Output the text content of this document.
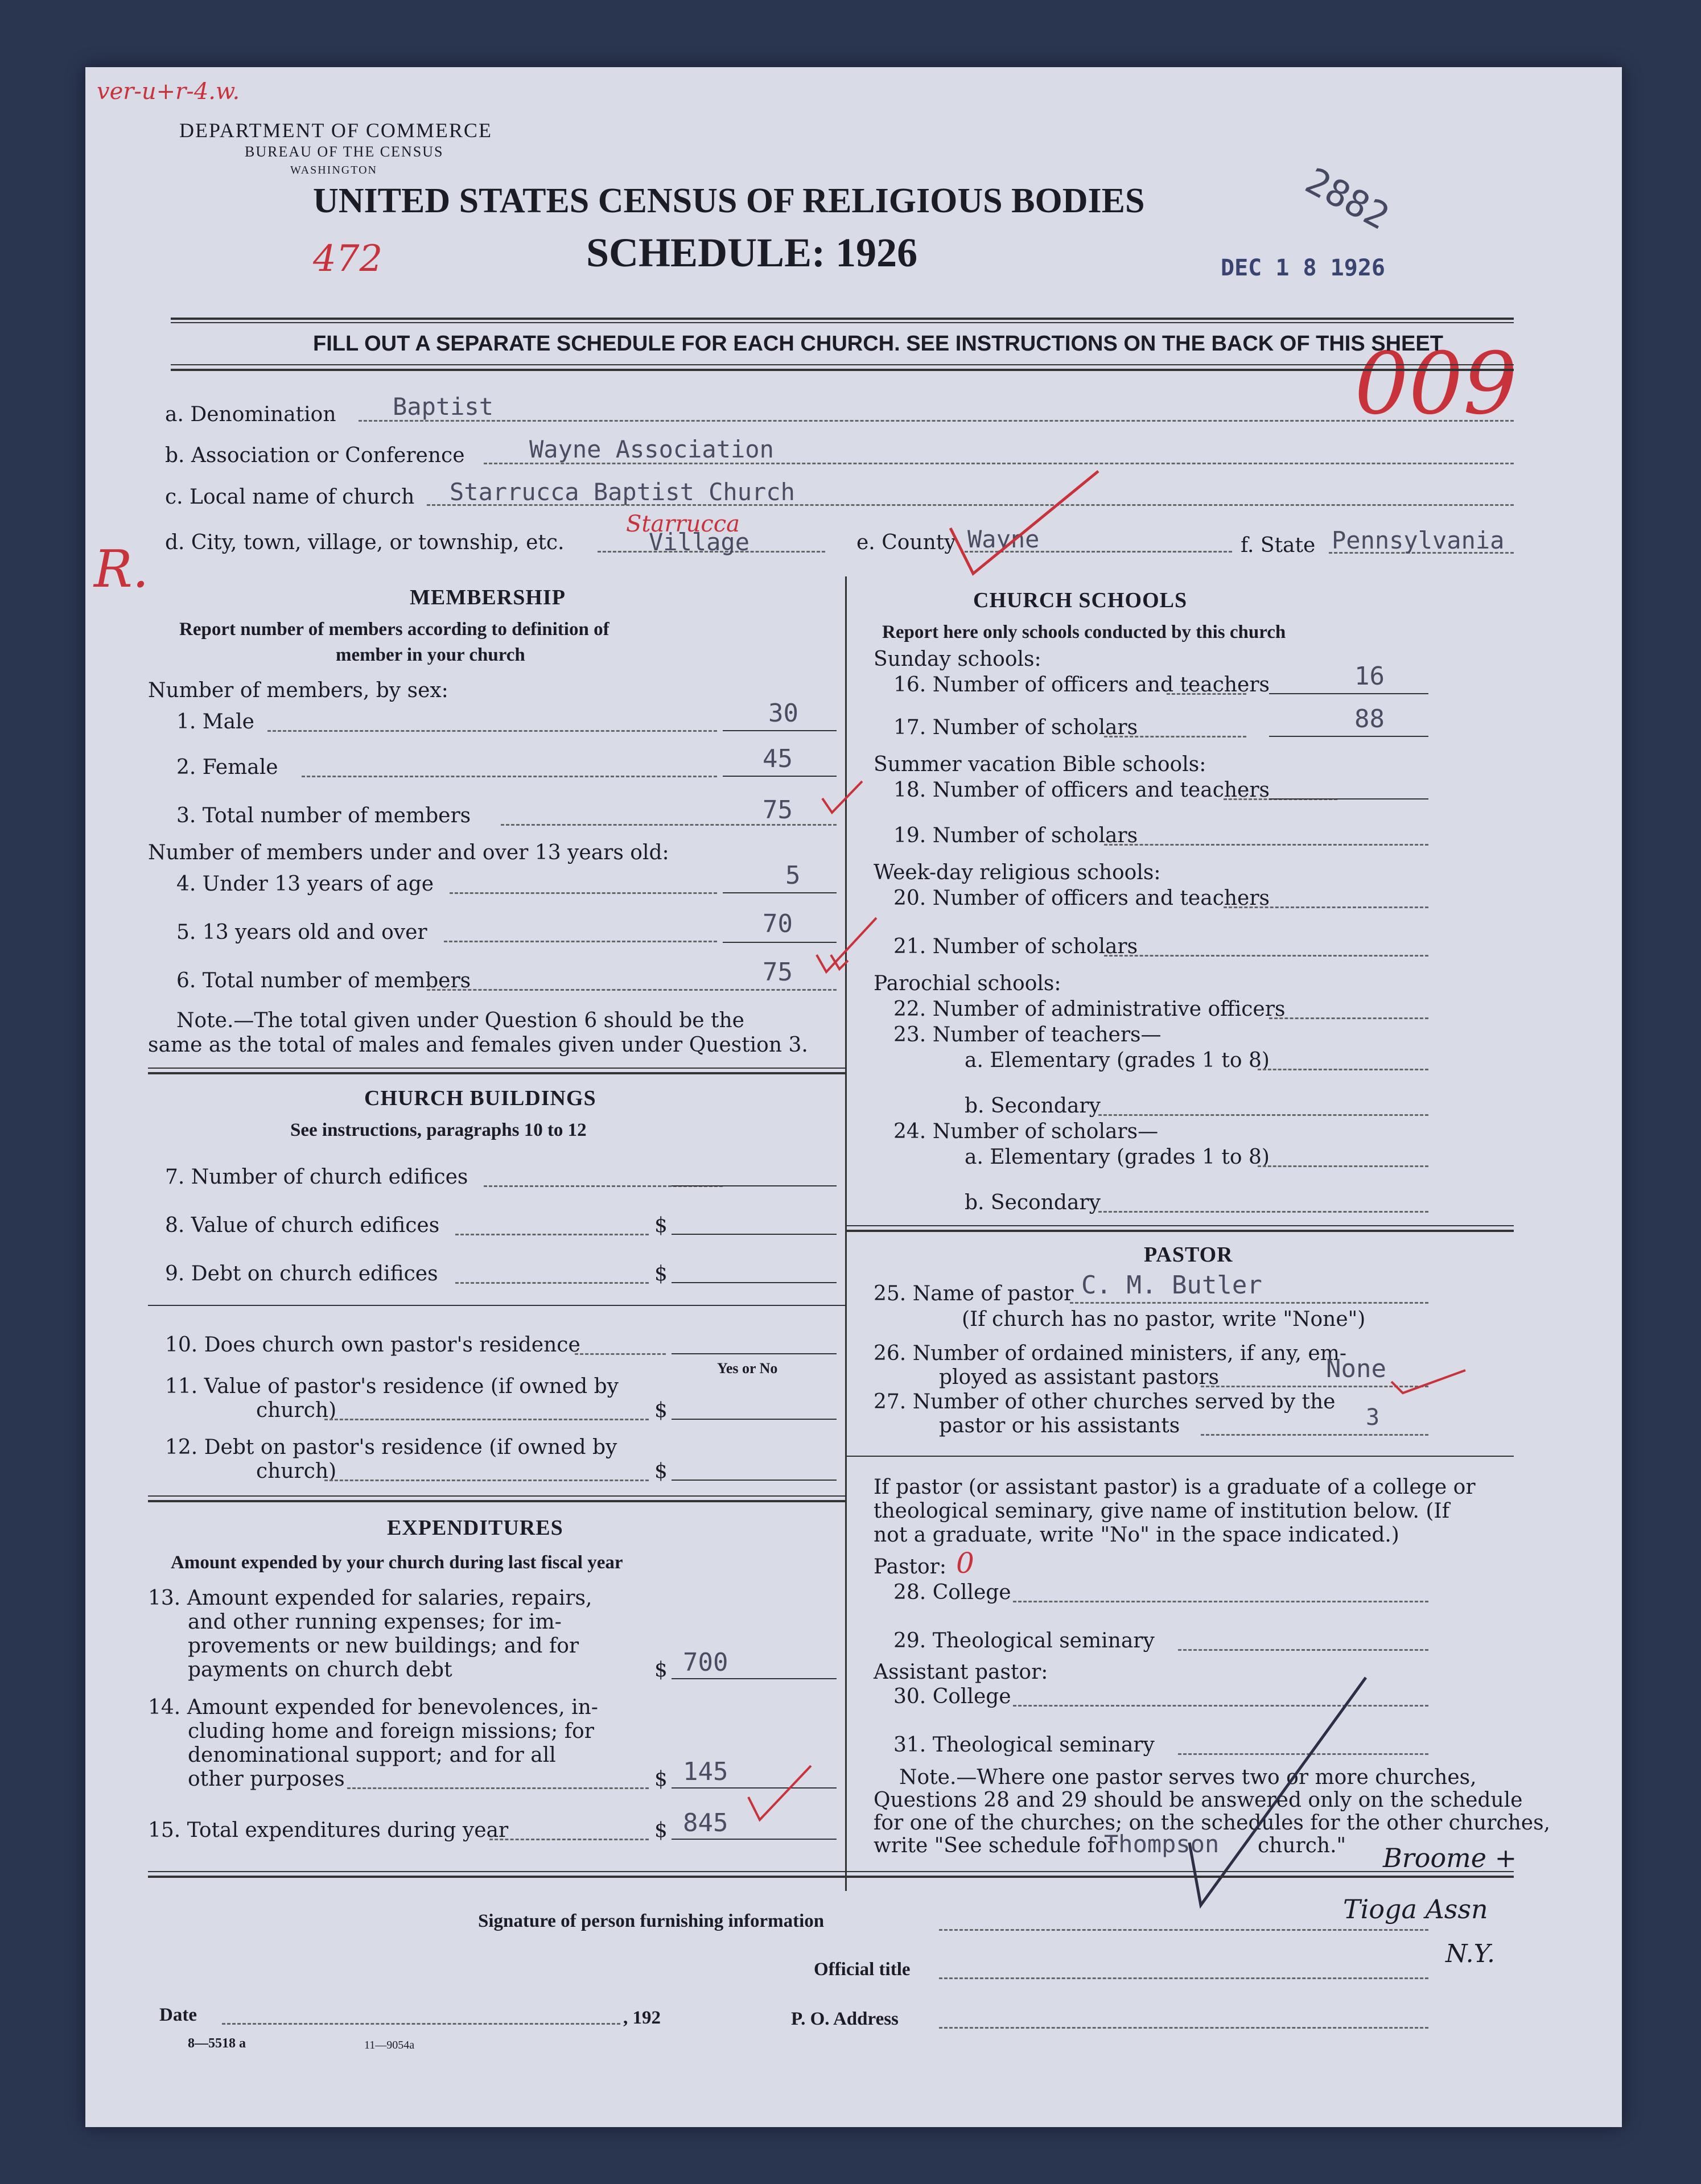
ver-u+r-4.w.
DEPARTMENT OF COMMERCE
BUREAU OF THE CENSUS
WASHINGTON
UNITED STATES CENSUS OF RELIGIOUS BODIES
SCHEDULE: 1926
472	DEC 1 8 1926
2882
009
FILL OUT A SEPARATE SCHEDULE FOR EACH CHURCH. SEE INSTRUCTIONS ON THE BACK OF THIS SHEET
a. Denomination Baptist
b. Association or Conference	Wayne Association
c. Local name of church Starrucca Baptist Church
R. d. City, town, village, or township, etc.	Village
Starrucca
e. County Wayne	f. State Pennsylvania
MEMBERSHIP
Report number of members according to definition of
member in your church
Number of members, by sex:
1. Male	30
2. Female	45
3. Total number of members	75
Number of members under and over 13 years old:
4. Under 13 years of age	5
5. 13 years old and over	70
6. Total number of members	75
Note.—The total given under Question 6 should be the
same as the total of males and females given under Question 3.
CHURCH BUILDINGS
See instructions, paragraphs 10 to 12
7. Number of church edifices
8. Value of church edifices	$
9. Debt on church edifices	$
10. Does church own pastor's residence
Yes or No
11. Value of pastor's residence (if owned by
church)	$
12. Debt on pastor's residence (if owned by
church)	$
EXPENDITURES
Amount expended by your church during last fiscal year
13. Amount expended for salaries, repairs,
and other running expenses; for im-
provements or new buildings; and for
payments on church debt	$ 700
14. Amount expended for benevolences, in-
cluding home and foreign missions; for
denominational support; and for all
other purposes	$ 145
15. Total expenditures during year	$ 845
CHURCH SCHOOLS
Report here only schools conducted by this church
Sunday schools:
16. Number of officers and teachers	16
17. Number of scholars	88
Summer vacation Bible schools:
18. Number of officers and teachers
19. Number of scholars
Week-day religious schools:
20. Number of officers and teachers
21. Number of scholars
Parochial schools:
22. Number of administrative officers
23. Number of teachers—
a. Elementary (grades 1 to 8)
b. Secondary
24. Number of scholars—
a. Elementary (grades 1 to 8)
b. Secondary
PASTOR
25. Name of pastor C. M. Butler
(If church has no pastor, write "None")
26. Number of ordained ministers, if any, em-
ployed as assistant pastors	None
27. Number of other churches served by the
pastor or his assistants	3
If pastor (or assistant pastor) is a graduate of a college or
theological seminary, give name of institution below. (If
not a graduate, write "No" in the space indicated.)
Pastor: 0
28. College
29. Theological seminary
Assistant pastor:
30. College
31. Theological seminary
Note.—Where one pastor serves two or more churches,
Questions 28 and 29 should be answered only on the schedule
for one of the churches; on the schedules for the other churches,
write "See schedule for
Thompson church." Broome +
Tioga Assn
N.Y.
Signature of person furnishing information
Official title
Date	, 192	P. O. Address
8—5518 a	11—9054a
